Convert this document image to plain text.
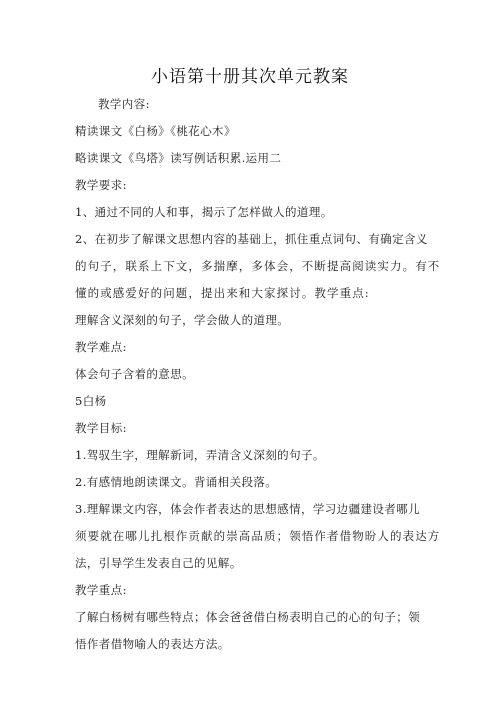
小语第十册其次单元教案
教学内容:
精读课文《白杨》《桃花心木》
略读课文《鸟塔》读写例话积累.运用二
教学要求:
1、通过不同的人和事，揭示了怎样做人的道理。
2、在初步了解课文思想内容的基础上，抓住重点词句、有确定含义
的句子，联系上下文，多揣摩，多体会，不断提高阅读实力。有不
懂的或感爱好的问题，提出来和大家探讨。教学重点:
理解含义深刻的句子，学会做人的道理。
教学难点:
体会句子含着的意思。
5白杨
教学目标:
1.驾驭生字，理解新词，弄清含义深刻的句子。
2.有感情地朗读课文。背诵相关段落。
3.理解课文内容，体会作者表达的思想感情，学习边疆建设者哪儿
须要就在哪儿扎根作贡献的崇高品质；领悟作者借物昐人的表达方
法，引导学生发表自己的见解。
教学重点:
了解白杨树有哪些特点；体会爸爸借白杨表明自己的心的句子；领
悟作者借物喻人的表达方法。
